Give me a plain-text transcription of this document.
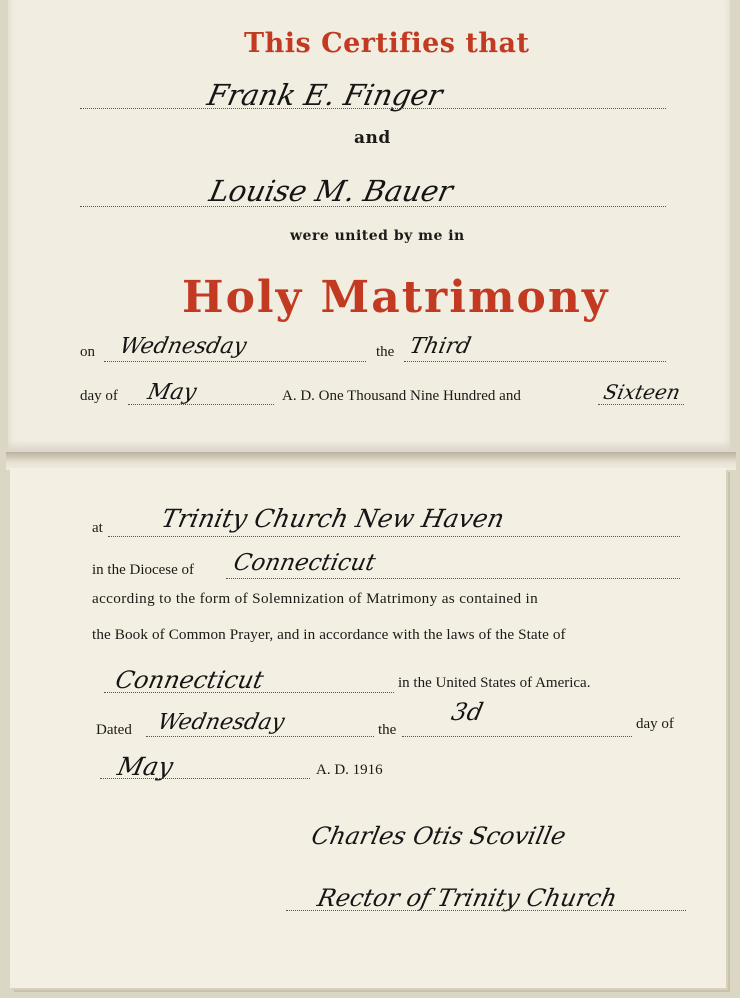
This Certifies that
Frank E. Finger
and
Louise M. Bauer
were united by me in
Holy Matrimony
on Wednesday	the Third
day of May	A. D. One Thousand Nine Hundred and	Sixteen
at Trinity Church New Haven
in the Diocese of Connecticut
according to the form of Solemnization of Matrimony as contained in
the Book of Common Prayer, and in accordance with the laws of the State of
Connecticut	in the United States of America.
Dated Wednesday	the
3d	day of
May	A. D. 1916
Charles Otis Scoville
Rector of Trinity Church
